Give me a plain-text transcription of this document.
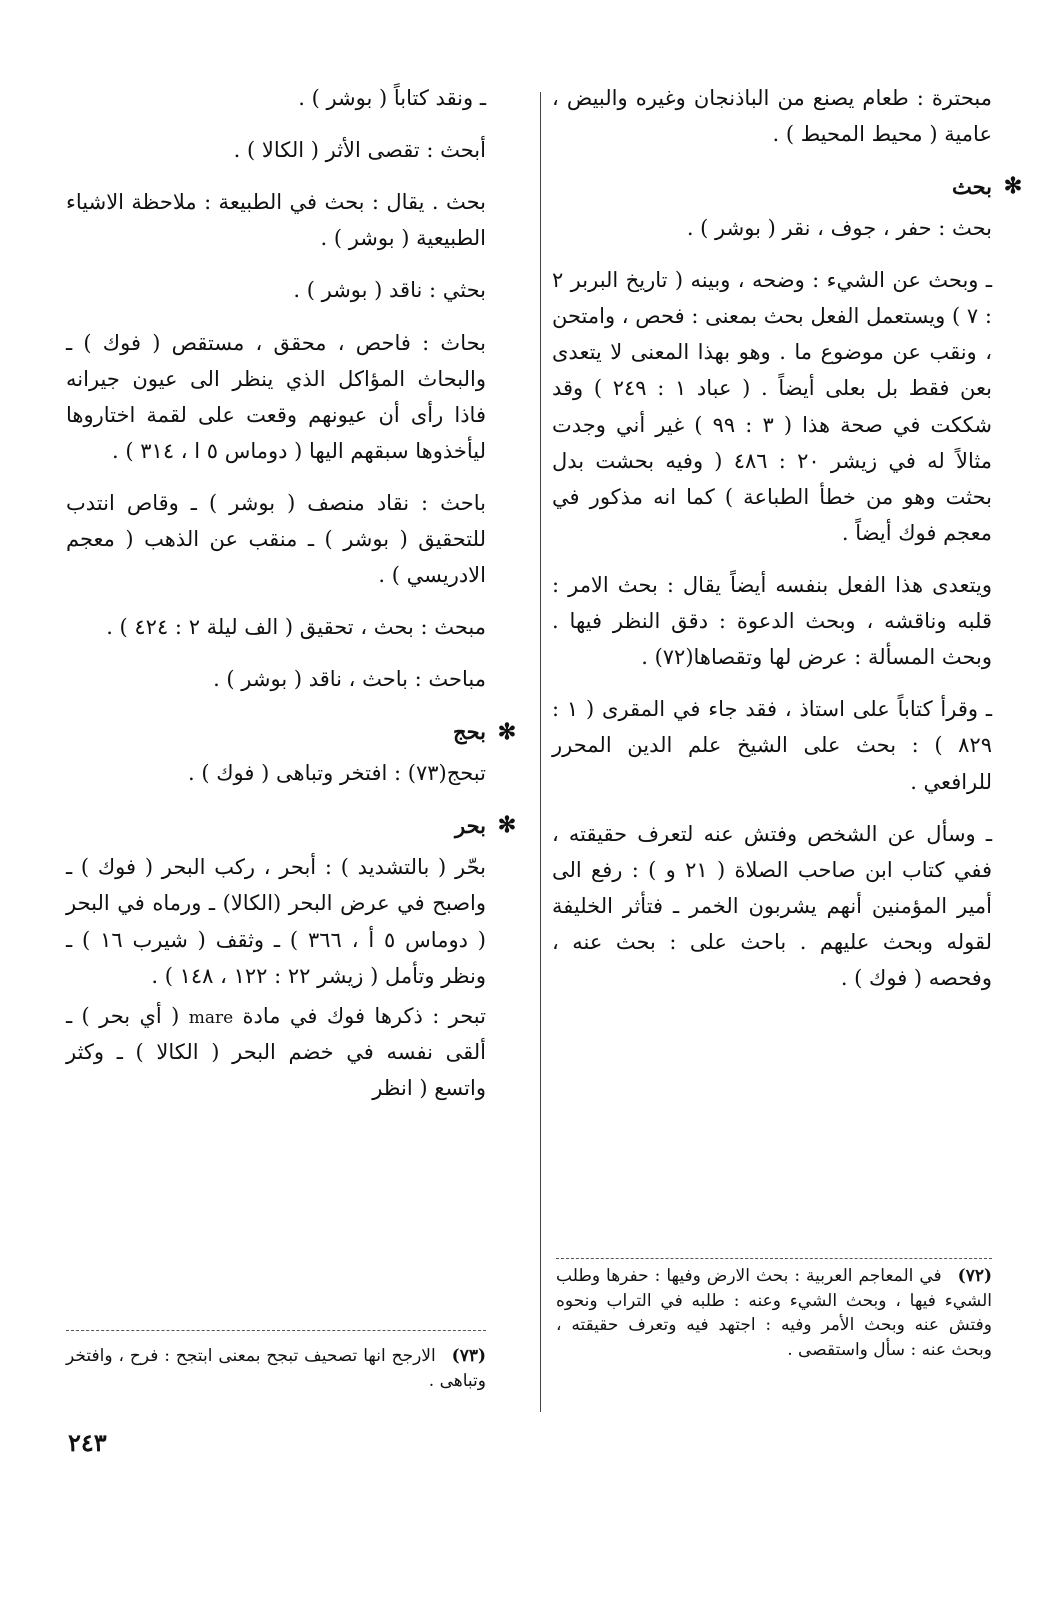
مبحترة : طعام يصنع من الباذنجان وغيره والبيض ، عامية ( محيط المحيط ) .

✻
بحث

بحث : حفر ، جوف ، نقر ( بوشر ) .

ـ وبحث عن الشيء : وضحه ، وبينه ( تاريخ البربر ٢ : ٧ ) ويستعمل الفعل بحث بمعنى : فحص ، وامتحن ، ونقب عن موضوع ما . وهو بهذا المعنى لا يتعدى بعن فقط بل بعلى أيضاً . ( عباد ١ : ٢٤٩ ) وقد شككت في صحة هذا ( ٣ : ٩٩ ) غير أني وجدت مثالاً له في زيشر ٢٠ : ٤٨٦ ( وفيه بحشت بدل بحثت وهو من خطأ الطباعة ) كما انه مذكور في معجم فوك أيضاً .

ويتعدى هذا الفعل بنفسه أيضاً يقال : بحث الامر : قلبه وناقشه ، وبحث الدعوة : دقق النظر فيها . وبحث المسألة : عرض لها وتقصاها(٧٢) .

ـ وقرأ كتاباً على استاذ ، فقد جاء في المقرى ( ١ : ٨٢٩ ) : بحث على الشيخ علم الدين المحرر للرافعي .

ـ وسأل عن الشخص وفتش عنه لتعرف حقيقته ، ففي كتاب ابن صاحب الصلاة ( ٢١ و ) : رفع الى أمير المؤمنين أنهم يشربون الخمر ـ فتأثر الخليفة لقوله وبحث عليهم . باحث على : بحث عنه ، وفحصه ( فوك ) .

(٧٢) في المعاجم العربية : بحث الارض وفيها : حفرها وطلب الشيء فيها ، وبحث الشيء وعنه : طلبه في التراب ونحوه وفتش عنه وبحث الأمر وفيه : اجتهد فيه وتعرف حقيقته ، وبحث عنه : سأل واستقصى .

ـ ونقد كتاباً ( بوشر ) .

أبحث : تقصى الأثر ( الكالا ) .

بحث . يقال : بحث في الطبيعة : ملاحظة الاشياء الطبيعية ( بوشر ) .

بحثي : ناقد ( بوشر ) .

بحاث : فاحص ، محقق ، مستقص ( فوك ) ـ والبحاث المؤاكل الذي ينظر الى عيون جيرانه فاذا رأى أن عيونهم وقعت على لقمة اختاروها ليأخذوها سبقهم اليها ( دوماس ٥ ا ، ٣١٤ ) .

باحث : نقاد منصف ( بوشر ) ـ وقاص انتدب للتحقيق ( بوشر ) ـ منقب عن الذهب ( معجم الادريسي ) .

مبحث : بحث ، تحقيق ( الف ليلة ٢ : ٤٢٤ ) .

مباحث : باحث ، ناقد ( بوشر ) .

✻
بحج

تبحج(٧٣) : افتخر وتباهى ( فوك ) .

✻
بحر

بحّر ( بالتشديد ) : أبحر ، ركب البحر ( فوك ) ـ واصبح في عرض البحر (الكالا) ـ ورماه في البحر ( دوماس ٥ أ ، ٣٦٦ ) ـ وثقف ( شيرب ١٦ ) ـ ونظر وتأمل ( زيشر ٢٢ : ١٢٢ ، ١٤٨ ) .

تبحر : ذكرها فوك في مادة mare ( أي بحر ) ـ ألقى نفسه في خضم البحر ( الكالا ) ـ وكثر واتسع ( انظر

(٧٣) الارجح انها تصحيف تبجح بمعنى ابتجح : فرح ، وافتخر وتباهى .
٢٤٣
